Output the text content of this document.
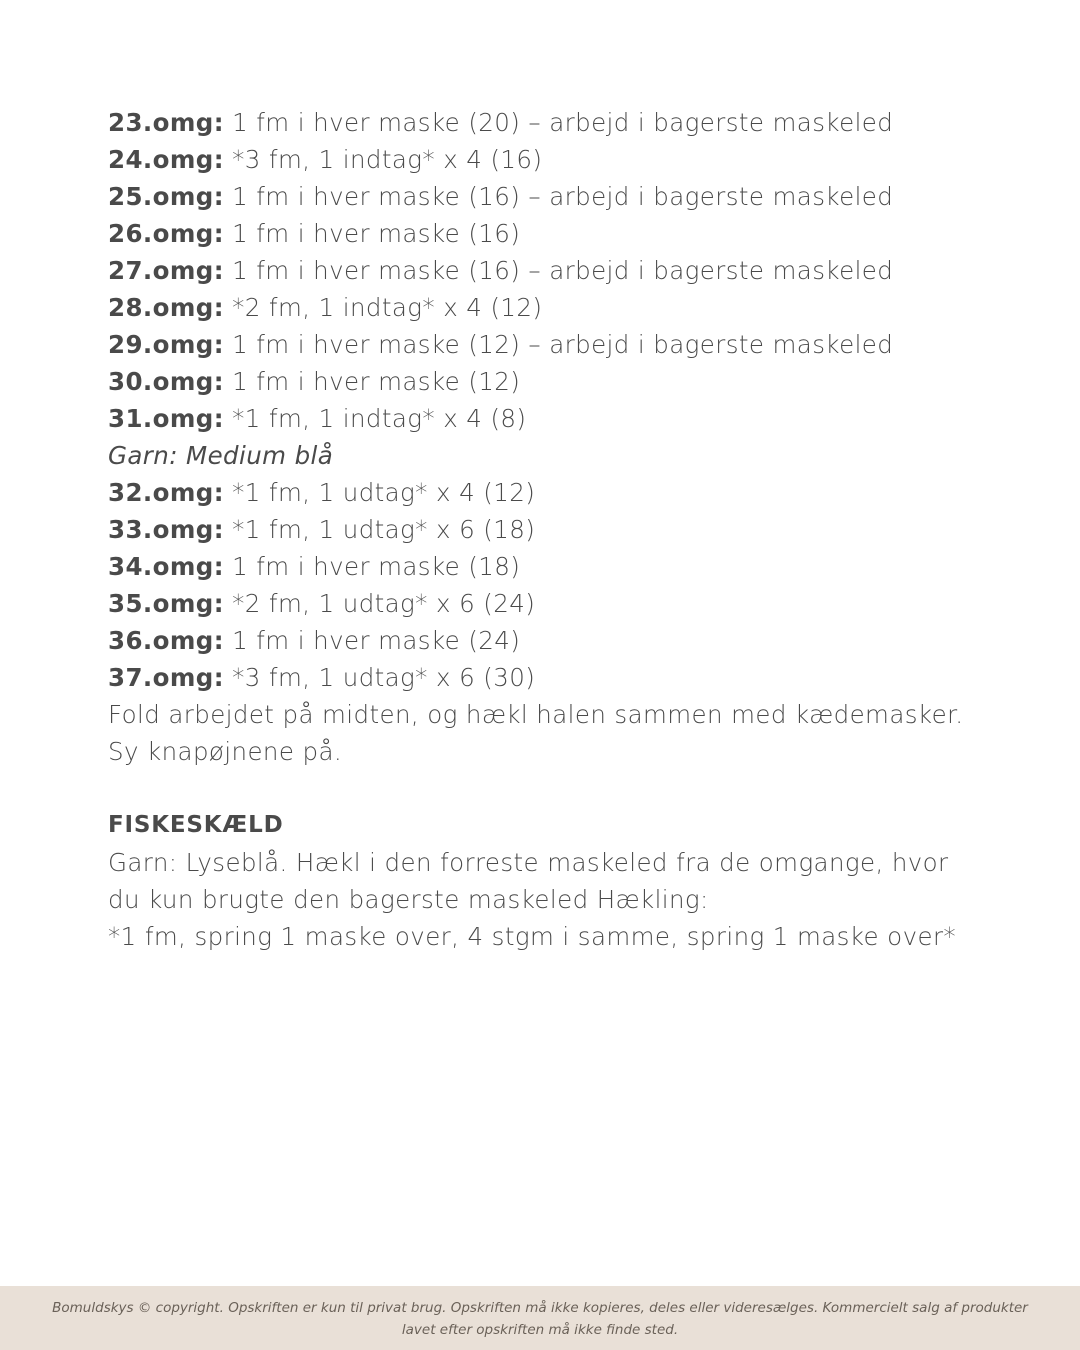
23.omg: 1 fm i hver maske (20) – arbejd i bagerste maskeled
24.omg: *3 fm, 1 indtag* x 4 (16)
25.omg: 1 fm i hver maske (16) – arbejd i bagerste maskeled
26.omg: 1 fm i hver maske (16)
27.omg: 1 fm i hver maske (16) – arbejd i bagerste maskeled
28.omg: *2 fm, 1 indtag* x 4 (12)
29.omg: 1 fm i hver maske (12) – arbejd i bagerste maskeled
30.omg: 1 fm i hver maske (12)
31.omg: *1 fm, 1 indtag* x 4 (8)
Garn: Medium blå
32.omg: *1 fm, 1 udtag* x 4 (12)
33.omg: *1 fm, 1 udtag* x 6 (18)
34.omg: 1 fm i hver maske (18)
35.omg: *2 fm, 1 udtag* x 6 (24)
36.omg: 1 fm i hver maske (24)
37.omg: *3 fm, 1 udtag* x 6 (30)
Fold arbejdet på midten, og hækl halen sammen med kædemasker.
Sy knapøjnene på.
FISKESKÆLD
Garn: Lyseblå. Hækl i den forreste maskeled fra de omgange, hvor
du kun brugte den bagerste maskeled Hækling:
*1 fm, spring 1 maske over, 4 stgm i samme, spring 1 maske over*
Bomuldskys © copyright. Opskriften er kun til privat brug. Opskriften må ikke kopieres, deles eller videresælges. Kommercielt salg af produkter lavet efter opskriften må ikke finde sted.
